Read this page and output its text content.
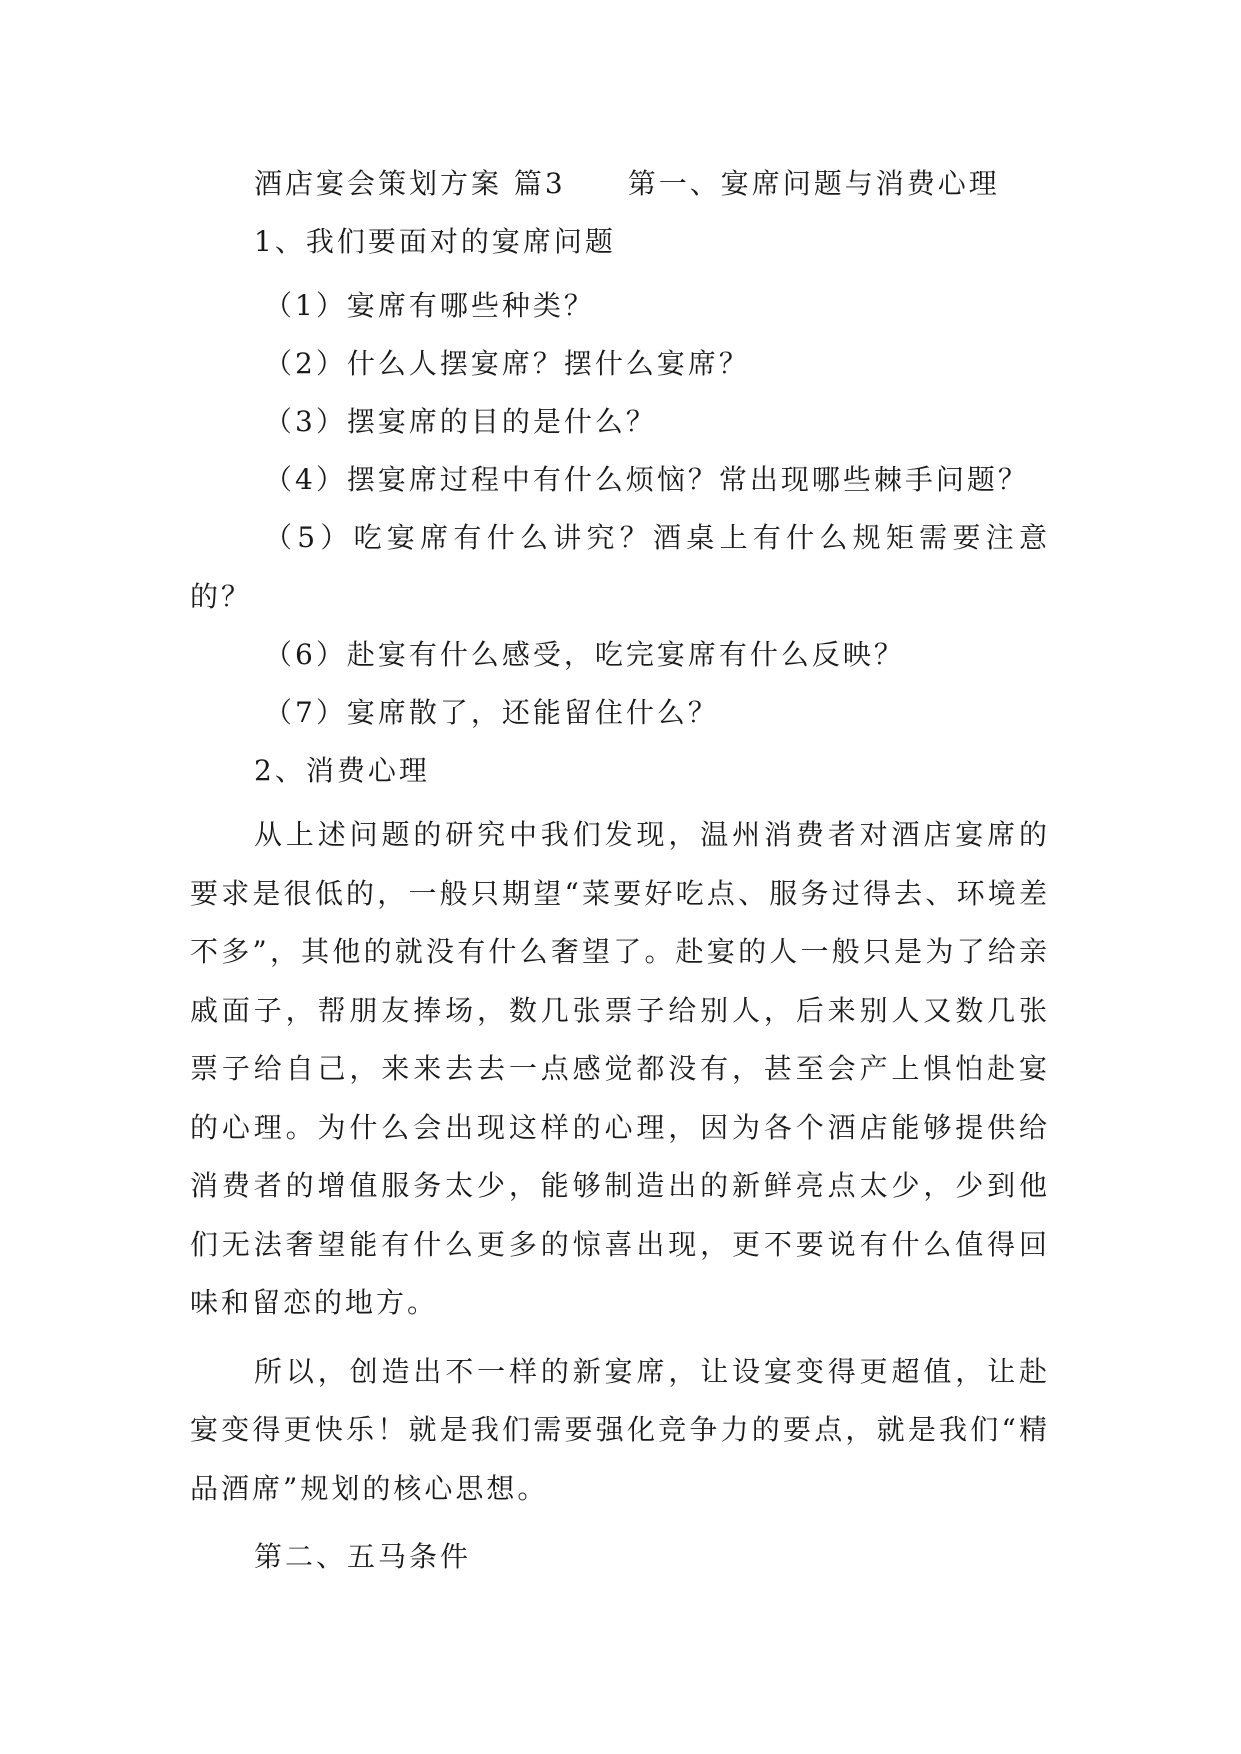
酒店宴会策划方案 篇3　　第一、宴席问题与消费心理
1、我们要面对的宴席问题
（1）宴席有哪些种类？
（2）什么人摆宴席？摆什么宴席？
（3）摆宴席的目的是什么？
（4）摆宴席过程中有什么烦恼？常出现哪些棘手问题？

（5）吃宴席有什么讲究？酒桌上有什么规矩需要注意的？

（6）赴宴有什么感受，吃完宴席有什么反映？
（7）宴席散了，还能留住什么？
2、消费心理

从上述问题的研究中我们发现，温州消费者对酒店宴席的要求是很低的，一般只期望“菜要好吃点、服务过得去、环境差不多”，其他的就没有什么奢望了。赴宴的人一般只是为了给亲戚面子，帮朋友捧场，数几张票子给别人，后来别人又数几张票子给自己，来来去去一点感觉都没有，甚至会产上惧怕赴宴的心理。为什么会出现这样的心理，因为各个酒店能够提供给消费者的增值服务太少，能够制造出的新鲜亮点太少，少到他们无法奢望能有什么更多的惊喜出现，更不要说有什么值得回味和留恋的地方。

所以，创造出不一样的新宴席，让设宴变得更超值，让赴宴变得更快乐！就是我们需要强化竞争力的要点，就是我们“精品酒席”规划的核心思想。

第二、五马条件
